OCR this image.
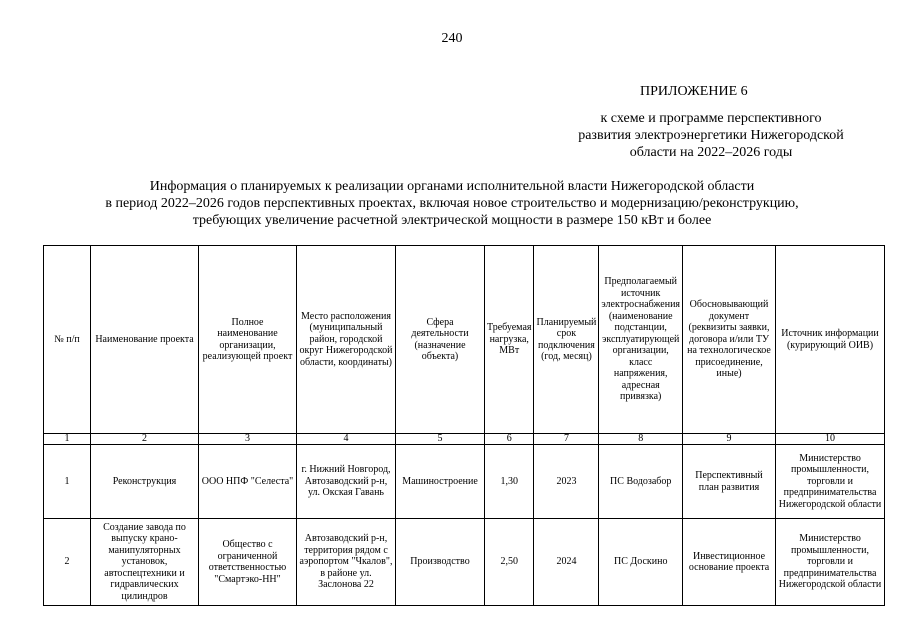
240
ПРИЛОЖЕНИЕ 6
к схеме и программе перспективного
развития электроэнергетики Нижегородской
области на 2022–2026 годы
Информация о планируемых к реализации органами исполнительной власти Нижегородской области
в период 2022–2026 годов перспективных проектах, включая новое строительство и модернизацию/реконструкцию,
требующих увеличение расчетной электрической мощности в размере 150 кВт и более
№ п/п	Наименование проекта	Полное наименование организации, реализующей проект	Место расположения (муниципальный район, городской округ Нижегородской области, координаты)	Сфера деятельности (назначение объекта)	Требуемая нагрузка, МВт	Планируемый срок подключения (год, месяц)	Предполагаемый источник электроснабжения (наименование подстанции, эксплуатирующей организации, класс напряжения, адресная привязка)	Обосновывающий документ (реквизиты заявки, договора и/или ТУ на технологическое присоединение, иные)	Источник информации (курирующий ОИВ)
1	2	3	4	5	6	7	8	9	10
1	Реконструкция	ООО НПФ "Селеста"	г. Нижний Новгород, Автозаводский р-н, ул. Окская Гавань	Машиностроение	1,30	2023	ПС Водозабор	Перспективный план развития	Министерство промышленности, торговли и предпринимательства Нижегородской области
2	Создание завода по выпуску крано-манипуляторных установок, автоспецтехники и гидравлических цилиндров	Общество с ограниченной ответственностью "Смартэко-НН"	Автозаводский р-н, территория рядом с аэропортом "Чкалов", в районе ул. Заслонова 22	Производство	2,50	2024	ПС Доскино	Инвестиционное основание проекта	Министерство промышленности, торговли и предпринимательства Нижегородской области
